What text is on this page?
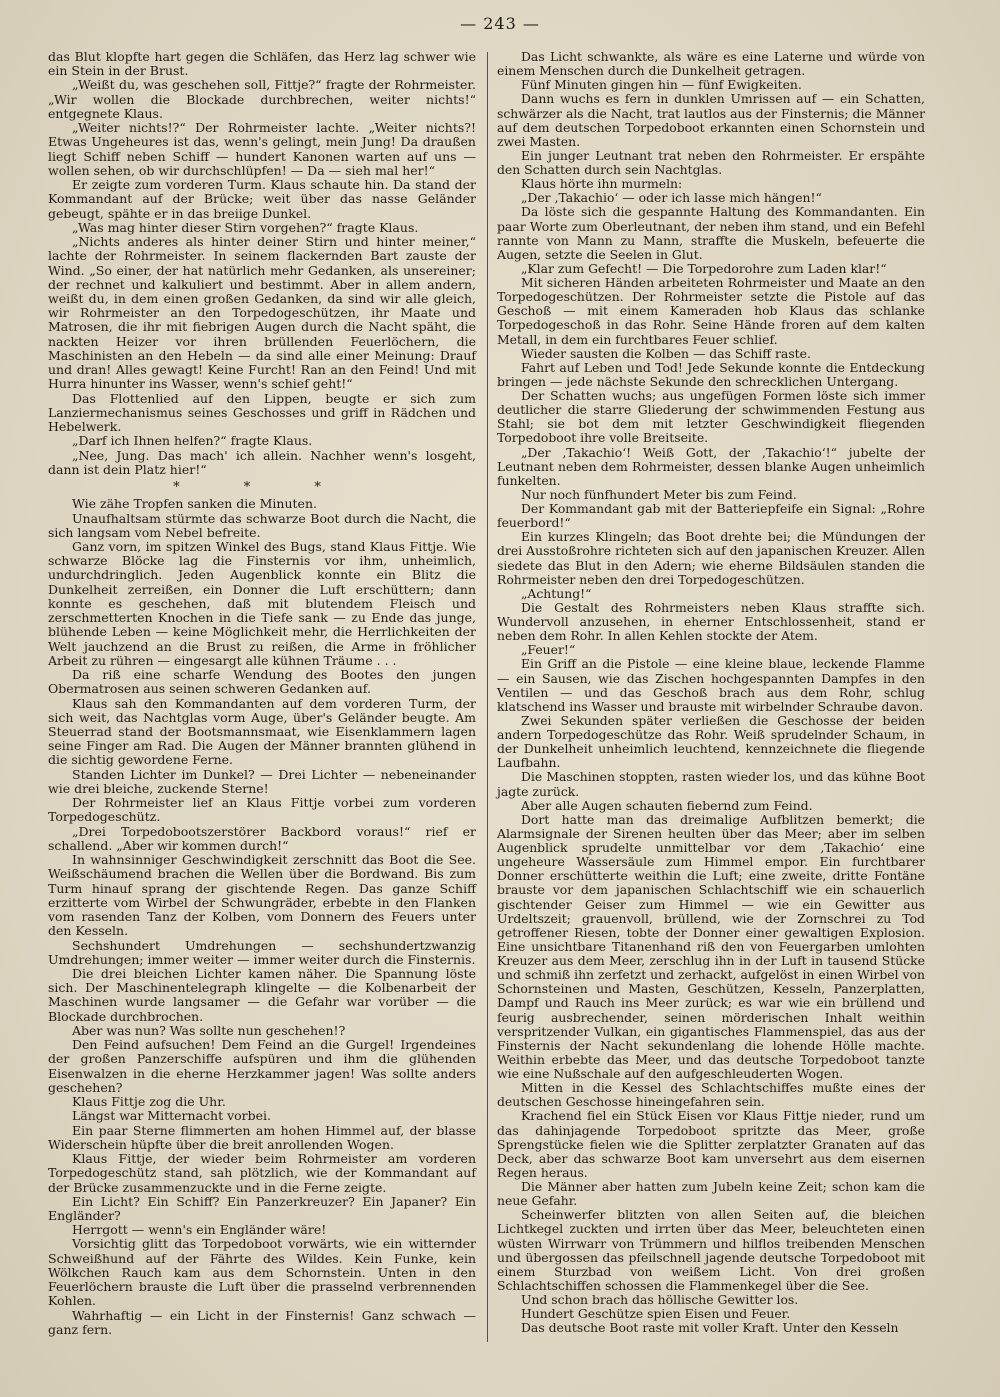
— 243 —

das Blut klopfte hart gegen die Schläfen, das Herz lag schwer wie ein Stein in der Brust.

„Weißt du, was geschehen soll, Fittje?“ fragte der Rohrmeister. „Wir wollen die Blockade durchbrechen, weiter nichts!“ entgegnete Klaus.

„Weiter nichts!?“ Der Rohrmeister lachte. „Weiter nichts?! Etwas Ungeheures ist das, wenn's gelingt, mein Jung! Da draußen liegt Schiff neben Schiff — hundert Kanonen warten auf uns — wollen sehen, ob wir durchschlüpfen! — Da — sieh mal her!“

Er zeigte zum vorderen Turm. Klaus schaute hin. Da stand der Kommandant auf der Brücke; weit über das nasse Geländer gebeugt, spähte er in das breiige Dunkel.

„Was mag hinter dieser Stirn vorgehen?“ fragte Klaus.

„Nichts anderes als hinter deiner Stirn und hinter meiner,“ lachte der Rohrmeister. In seinem flackernden Bart zauste der Wind. „So einer, der hat natürlich mehr Gedanken, als unsereiner; der rechnet und kalkuliert und bestimmt. Aber in allem andern, weißt du, in dem einen großen Gedanken, da sind wir alle gleich, wir Rohrmeister an den Torpedogeschützen, ihr Maate und Matrosen, die ihr mit fiebrigen Augen durch die Nacht späht, die nackten Heizer vor ihren brüllenden Feuerlöchern, die Maschinisten an den Hebeln — da sind alle einer Meinung: Drauf und dran! Alles gewagt! Keine Furcht! Ran an den Feind! Und mit Hurra hinunter ins Wasser, wenn's schief geht!“

Das Flottenlied auf den Lippen, beugte er sich zum Lanziermechanismus seines Geschosses und griff in Rädchen und Hebelwerk.

„Darf ich Ihnen helfen?“ fragte Klaus.

„Nee, Jung. Das mach' ich allein. Nachher wenn's losgeht, dann ist dein Platz hier!“

* * *

Wie zähe Tropfen sanken die Minuten.

Unaufhaltsam stürmte das schwarze Boot durch die Nacht, die sich langsam vom Nebel befreite.

Ganz vorn, im spitzen Winkel des Bugs, stand Klaus Fittje. Wie schwarze Blöcke lag die Finsternis vor ihm, unheimlich, undurchdringlich. Jeden Augenblick konnte ein Blitz die Dunkelheit zerreißen, ein Donner die Luft erschüttern; dann konnte es geschehen, daß mit blutendem Fleisch und zerschmetterten Knochen in die Tiefe sank — zu Ende das junge, blühende Leben — keine Möglichkeit mehr, die Herrlichkeiten der Welt jauchzend an die Brust zu reißen, die Arme in fröhlicher Arbeit zu rühren — eingesargt alle kühnen Träume . . .

Da riß eine scharfe Wendung des Bootes den jungen Obermatrosen aus seinen schweren Gedanken auf.

Klaus sah den Kommandanten auf dem vorderen Turm, der sich weit, das Nachtglas vorm Auge, über's Geländer beugte. Am Steuerrad stand der Bootsmannsmaat, wie Eisenklammern lagen seine Finger am Rad. Die Augen der Männer brannten glühend in die sichtig gewordene Ferne.

Standen Lichter im Dunkel? — Drei Lichter — nebeneinander wie drei bleiche, zuckende Sterne!

Der Rohrmeister lief an Klaus Fittje vorbei zum vorderen Torpedogeschütz.

„Drei Torpedobootszerstörer Backbord voraus!“ rief er schallend. „Aber wir kommen durch!“

In wahnsinniger Geschwindigkeit zerschnitt das Boot die See. Weißschäumend brachen die Wellen über die Bordwand. Bis zum Turm hinauf sprang der gischtende Regen. Das ganze Schiff erzitterte vom Wirbel der Schwungräder, erbebte in den Flanken vom rasenden Tanz der Kolben, vom Donnern des Feuers unter den Kesseln.

Sechshundert Umdrehungen — sechshundertzwanzig Umdrehungen; immer weiter — immer weiter durch die Finsternis.

Die drei bleichen Lichter kamen näher. Die Spannung löste sich. Der Maschinentelegraph klingelte — die Kolbenarbeit der Maschinen wurde langsamer — die Gefahr war vorüber — die Blockade durchbrochen.

Aber was nun? Was sollte nun geschehen!?

Den Feind aufsuchen! Dem Feind an die Gurgel! Irgendeines der großen Panzerschiffe aufspüren und ihm die glühenden Eisenwalzen in die eherne Herzkammer jagen! Was sollte anders geschehen?

Klaus Fittje zog die Uhr.

Längst war Mitternacht vorbei.

Ein paar Sterne flimmerten am hohen Himmel auf, der blasse Widerschein hüpfte über die breit anrollenden Wogen.

Klaus Fittje, der wieder beim Rohrmeister am vorderen Torpedogeschütz stand, sah plötzlich, wie der Kommandant auf der Brücke zusammenzuckte und in die Ferne zeigte.

Ein Licht? Ein Schiff? Ein Panzerkreuzer? Ein Japaner? Ein Engländer?

Herrgott — wenn's ein Engländer wäre!

Vorsichtig glitt das Torpedoboot vorwärts, wie ein witternder Schweißhund auf der Fährte des Wildes. Kein Funke, kein Wölkchen Rauch kam aus dem Schornstein. Unten in den Feuerlöchern brauste die Luft über die prasselnd verbrennenden Kohlen.

Wahrhaftig — ein Licht in der Finsternis! Ganz schwach — ganz fern.

Das Licht schwankte, als wäre es eine Laterne und würde von einem Menschen durch die Dunkelheit getragen.

Fünf Minuten gingen hin — fünf Ewigkeiten.

Dann wuchs es fern in dunklen Umrissen auf — ein Schatten, schwärzer als die Nacht, trat lautlos aus der Finsternis; die Männer auf dem deutschen Torpedoboot erkannten einen Schornstein und zwei Masten.

Ein junger Leutnant trat neben den Rohrmeister. Er erspähte den Schatten durch sein Nachtglas.

Klaus hörte ihn murmeln:

„Der ‚Takachio‘ — oder ich lasse mich hängen!“

Da löste sich die gespannte Haltung des Kommandanten. Ein paar Worte zum Oberleutnant, der neben ihm stand, und ein Befehl rannte von Mann zu Mann, straffte die Muskeln, befeuerte die Augen, setzte die Seelen in Glut.

„Klar zum Gefecht! — Die Torpedorohre zum Laden klar!“

Mit sicheren Händen arbeiteten Rohrmeister und Maate an den Torpedogeschützen. Der Rohrmeister setzte die Pistole auf das Geschoß — mit einem Kameraden hob Klaus das schlanke Torpedogeschoß in das Rohr. Seine Hände froren auf dem kalten Metall, in dem ein furchtbares Feuer schlief.

Wieder sausten die Kolben — das Schiff raste.

Fahrt auf Leben und Tod! Jede Sekunde konnte die Entdeckung bringen — jede nächste Sekunde den schrecklichen Untergang.

Der Schatten wuchs; aus ungefügen Formen löste sich immer deutlicher die starre Gliederung der schwimmenden Festung aus Stahl; sie bot dem mit letzter Geschwindigkeit fliegenden Torpedoboot ihre volle Breitseite.

„Der ‚Takachio‘! Weiß Gott, der ‚Takachio‘!“ jubelte der Leutnant neben dem Rohrmeister, dessen blanke Augen unheimlich funkelten.

Nur noch fünfhundert Meter bis zum Feind.

Der Kommandant gab mit der Batteriepfeife ein Signal: „Rohre feuerbord!“

Ein kurzes Klingeln; das Boot drehte bei; die Mündungen der drei Ausstoßrohre richteten sich auf den japanischen Kreuzer. Allen siedete das Blut in den Adern; wie eherne Bildsäulen standen die Rohrmeister neben den drei Torpedogeschützen.

„Achtung!“

Die Gestalt des Rohrmeisters neben Klaus straffte sich. Wundervoll anzusehen, in eherner Entschlossenheit, stand er neben dem Rohr. In allen Kehlen stockte der Atem.

„Feuer!“

Ein Griff an die Pistole — eine kleine blaue, leckende Flamme — ein Sausen, wie das Zischen hochgespannten Dampfes in den Ventilen — und das Geschoß brach aus dem Rohr, schlug klatschend ins Wasser und brauste mit wirbelnder Schraube davon.

Zwei Sekunden später verließen die Geschosse der beiden andern Torpedogeschütze das Rohr. Weiß sprudelnder Schaum, in der Dunkelheit unheimlich leuchtend, kennzeichnete die fliegende Laufbahn.

Die Maschinen stoppten, rasten wieder los, und das kühne Boot jagte zurück.

Aber alle Augen schauten fiebernd zum Feind.

Dort hatte man das dreimalige Aufblitzen bemerkt; die Alarmsignale der Sirenen heulten über das Meer; aber im selben Augenblick sprudelte unmittelbar vor dem ‚Takachio‘ eine ungeheure Wassersäule zum Himmel empor. Ein furchtbarer Donner erschütterte weithin die Luft; eine zweite, dritte Fontäne brauste vor dem japanischen Schlachtschiff wie ein schauerlich gischtender Geiser zum Himmel — wie ein Gewitter aus Urdeltszeit; grauenvoll, brüllend, wie der Zornschrei zu Tod getroffener Riesen, tobte der Donner einer gewaltigen Explosion. Eine unsichtbare Titanenhand riß den von Feuergarben umlohten Kreuzer aus dem Meer, zerschlug ihn in der Luft in tausend Stücke und schmiß ihn zerfetzt und zerhackt, aufgelöst in einen Wirbel von Schornsteinen und Masten, Geschützen, Kesseln, Panzerplatten, Dampf und Rauch ins Meer zurück; es war wie ein brüllend und feurig ausbrechender, seinen mörderischen Inhalt weithin verspritzender Vulkan, ein gigantisches Flammenspiel, das aus der Finsternis der Nacht sekundenlang die lohende Hölle machte. Weithin erbebte das Meer, und das deutsche Torpedoboot tanzte wie eine Nußschale auf den aufgeschleuderten Wogen.

Mitten in die Kessel des Schlachtschiffes mußte eines der deutschen Geschosse hineingefahren sein.

Krachend fiel ein Stück Eisen vor Klaus Fittje nieder, rund um das dahinjagende Torpedoboot spritzte das Meer, große Sprengstücke fielen wie die Splitter zerplatzter Granaten auf das Deck, aber das schwarze Boot kam unversehrt aus dem eisernen Regen heraus.

Die Männer aber hatten zum Jubeln keine Zeit; schon kam die neue Gefahr.

Scheinwerfer blitzten von allen Seiten auf, die bleichen Lichtkegel zuckten und irrten über das Meer, beleuchteten einen wüsten Wirrwarr von Trümmern und hilflos treibenden Menschen und übergossen das pfeilschnell jagende deutsche Torpedoboot mit einem Sturzbad von weißem Licht. Von drei großen Schlachtschiffen schossen die Flammenkegel über die See.

Und schon brach das höllische Gewitter los.

Hundert Geschütze spien Eisen und Feuer.

Das deutsche Boot raste mit voller Kraft. Unter den Kesseln
